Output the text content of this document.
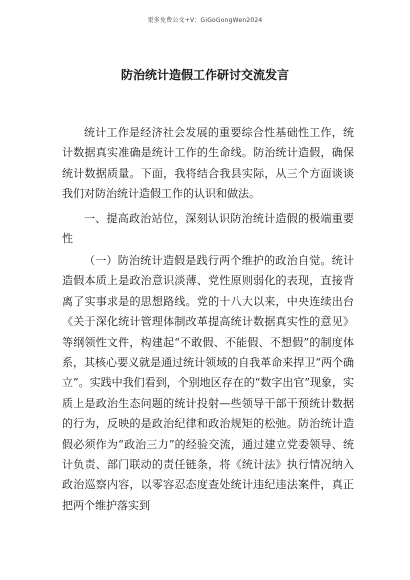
更多免费公文+V：GiGoGongWen2024
防治统计造假工作研讨交流发言
统计工作是经济社会发展的重要综合性基础性工作，统计数据真实准确是统计工作的生命线。防治统计造假，确保统计数据质量。下面，我将结合我县实际，从三个方面谈谈我们对防治统计造假工作的认识和做法。
一、提高政治站位，深刻认识防治统计造假的极端重要性
（一）防治统计造假是践行两个维护的政治自觉。统计造假本质上是政治意识淡薄、党性原则弱化的表现，直接背离了实事求是的思想路线。党的十八大以来，中央连续出台《关于深化统计管理体制改革提高统计数据真实性的意见》等纲领性文件，构建起“不敢假、不能假、不想假”的制度体系，其核心要义就是通过统计领域的自我革命来捍卫“两个确立”。实践中我们看到，个别地区存在的“数字出官”现象，实质上是政治生态问题的统计投射—些领导干部干预统计数据的行为，反映的是政治纪律和政治规矩的松弛。防治统计造假必须作为“政治三力”的经验交流，通过建立党委领导、统计负责、部门联动的责任链条，将《统计法》执行情况纳入政治巡察内容，以零容忍态度查处统计违纪违法案件，真正把两个维护落实到
